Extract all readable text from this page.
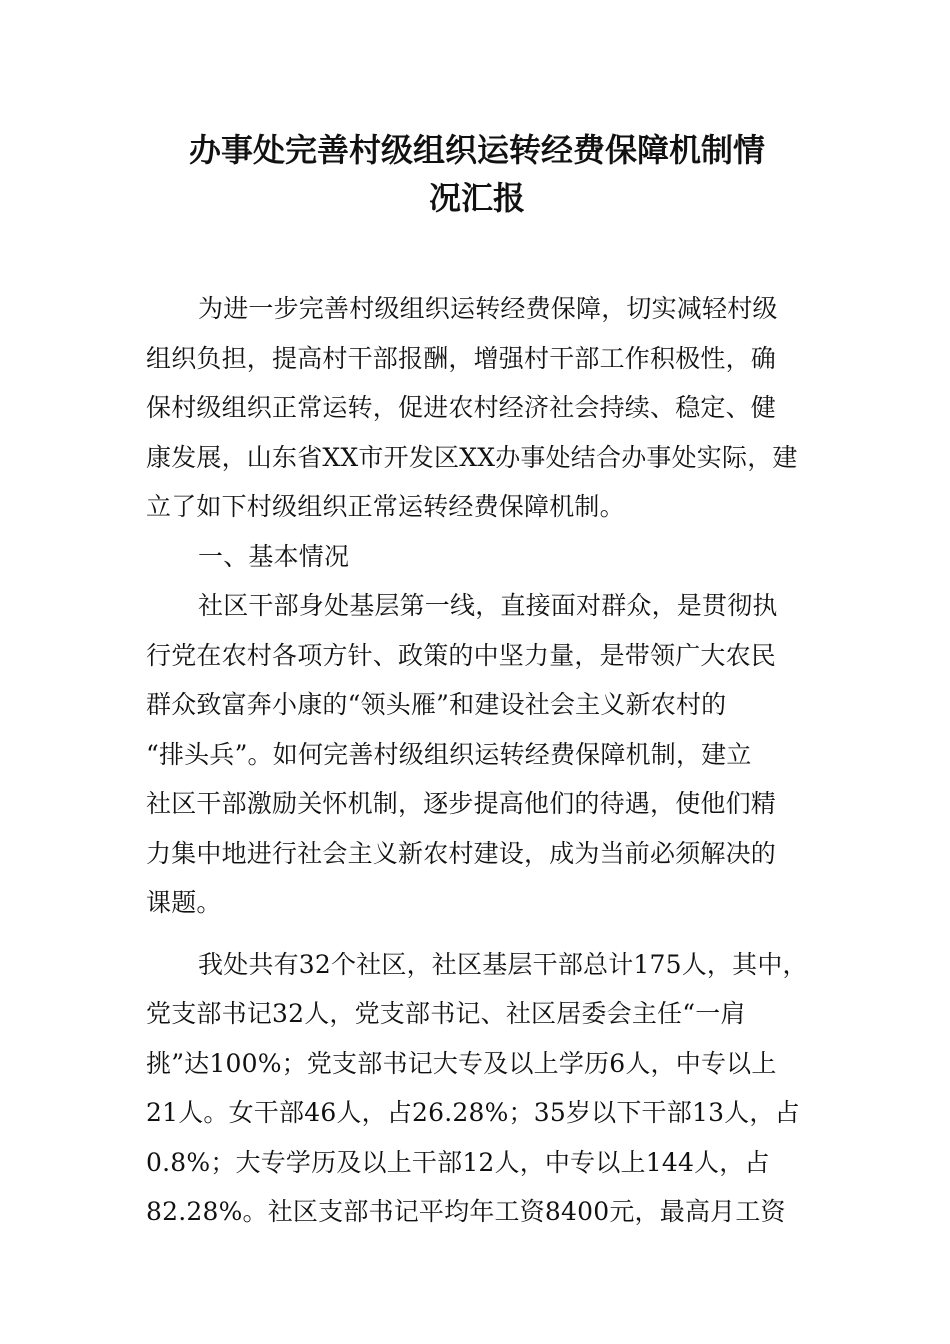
办事处完善村级组织运转经费保障机制情
况汇报

为进一步完善村级组织运转经费保障，切实减轻村级
组织负担，提高村干部报酬，增强村干部工作积极性，确
保村级组织正常运转，促进农村经济社会持续、稳定、健
康发展，山东省XX市开发区XX办事处结合办事处实际，建
立了如下村级组织正常运转经费保障机制。

一、基本情况

社区干部身处基层第一线，直接面对群众，是贯彻执
行党在农村各项方针、政策的中坚力量，是带领广大农民
群众致富奔小康的“领头雁”和建设社会主义新农村的
“排头兵”。如何完善村级组织运转经费保障机制，建立
社区干部激励关怀机制，逐步提高他们的待遇，使他们精
力集中地进行社会主义新农村建设，成为当前必须解决的
课题。

我处共有32个社区，社区基层干部总计175人，其中，
党支部书记32人，党支部书记、社区居委会主任“一肩
挑”达100%；党支部书记大专及以上学历6人，中专以上
21人。女干部46人，占26.28%；35岁以下干部13人，占
0.8%；大专学历及以上干部12人，中专以上144人，占
82.28%。社区支部书记平均年工资8400元，最高月工资
